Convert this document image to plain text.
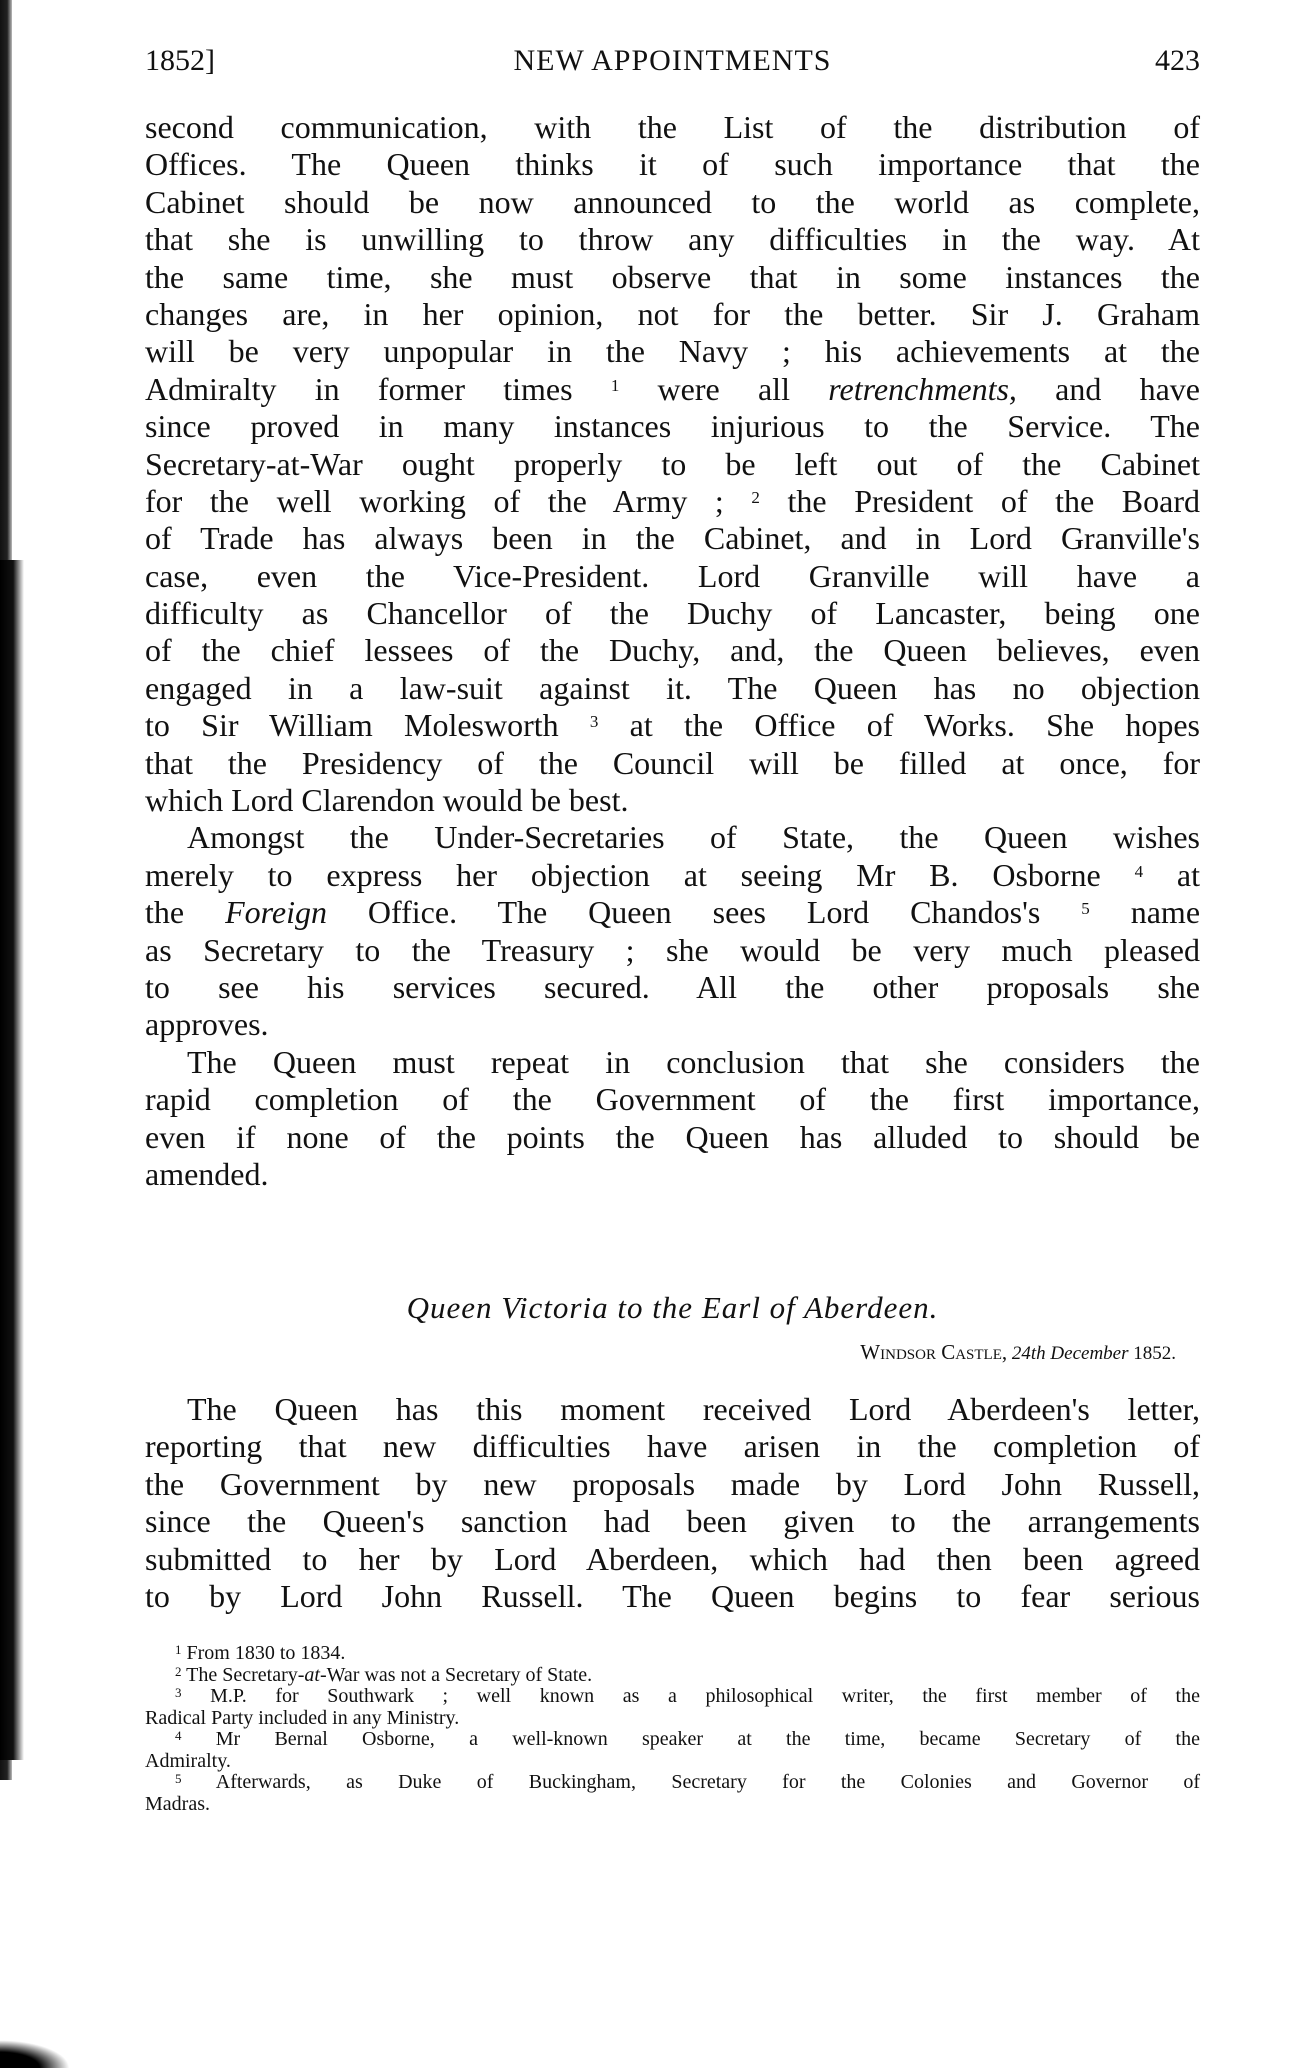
1852]	NEW APPOINTMENTS	423
second communication, with the List of the distribution of
Offices. The Queen thinks it of such importance that the
Cabinet should be now announced to the world as complete,
that she is unwilling to throw any difficulties in the way. At
the same time, she must observe that in some instances the
changes are, in her opinion, not for the better. Sir J. Graham
will be very unpopular in the Navy ; his achievements at the
Admiralty in former times $^1$ were all retrenchments, and have
since proved in many instances injurious to the Service. The
Secretary-at-War ought properly to be left out of the Cabinet
for the well working of the Army ; $^2$ the President of the Board
of Trade has always been in the Cabinet, and in Lord Granville's
case, even the Vice-President. Lord Granville will have a
difficulty as Chancellor of the Duchy of Lancaster, being one
of the chief lessees of the Duchy, and, the Queen believes, even
engaged in a law-suit against it. The Queen has no objection
to Sir William Molesworth $^3$ at the Office of Works. She hopes
that the Presidency of the Council will be filled at once, for
which Lord Clarendon would be best.
Amongst the Under-Secretaries of State, the Queen wishes
merely to express her objection at seeing Mr B. Osborne $^4$ at
the Foreign Office. The Queen sees Lord Chandos's $^5$ name
as Secretary to the Treasury ; she would be very much pleased
to see his services secured. All the other proposals she
approves.
The Queen must repeat in conclusion that she considers the
rapid completion of the Government of the first importance,
even if none of the points the Queen has alluded to should be
amended.
Queen Victoria to the Earl of Aberdeen.
Windsor Castle, 24th December 1852.
The Queen has this moment received Lord Aberdeen's letter,
reporting that new difficulties have arisen in the completion of
the Government by new proposals made by Lord John Russell,
since the Queen's sanction had been given to the arrangements
submitted to her by Lord Aberdeen, which had then been agreed
to by Lord John Russell. The Queen begins to fear serious
$^1$ From 1830 to 1834.
$^2$ The Secretary-at-War was not a Secretary of State.
$^3$ M.P. for Southwark ; well known as a philosophical writer, the first member of the
Radical Party included in any Ministry.
$^4$ Mr Bernal Osborne, a well-known speaker at the time, became Secretary of the
Admiralty.
$^5$ Afterwards, as Duke of Buckingham, Secretary for the Colonies and Governor of
Madras.
